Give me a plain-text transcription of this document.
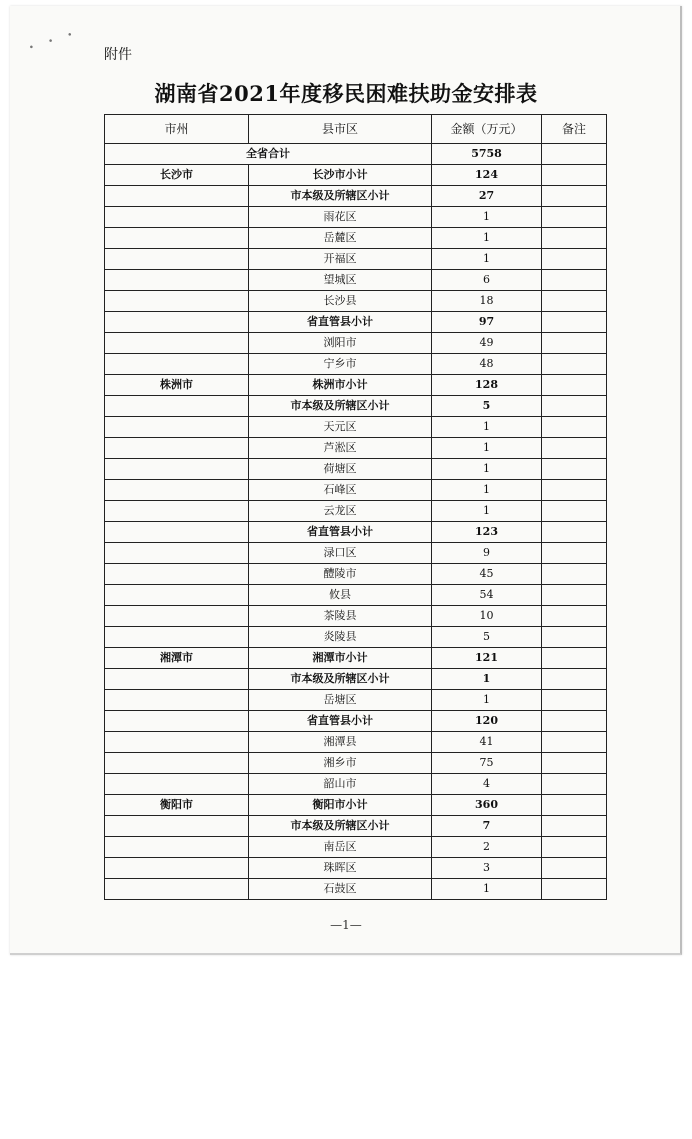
• • •
附件
湖南省2021年度移民困难扶助金安排表
市州	县市区	金额（万元）	备注
全省合计		5758	
长沙市	长沙市小计	124	
	市本级及所辖区小计	27	
	雨花区	1	
	岳麓区	1	
	开福区	1	
	望城区	6	
	长沙县	18	
	省直管县小计	97	
	浏阳市	49	
	宁乡市	48	
株洲市	株洲市小计	128	
	市本级及所辖区小计	5	
	天元区	1	
	芦淞区	1	
	荷塘区	1	
	石峰区	1	
	云龙区	1	
	省直管县小计	123	
	渌口区	9	
	醴陵市	45	
	攸县	54	
	茶陵县	10	
	炎陵县	5	
湘潭市	湘潭市小计	121	
	市本级及所辖区小计	1	
	岳塘区	1	
	省直管县小计	120	
	湘潭县	41	
	湘乡市	75	
	韶山市	4	
衡阳市	衡阳市小计	360	
	市本级及所辖区小计	7	
	南岳区	2	
	珠晖区	3	
	石鼓区	1	
—1—
